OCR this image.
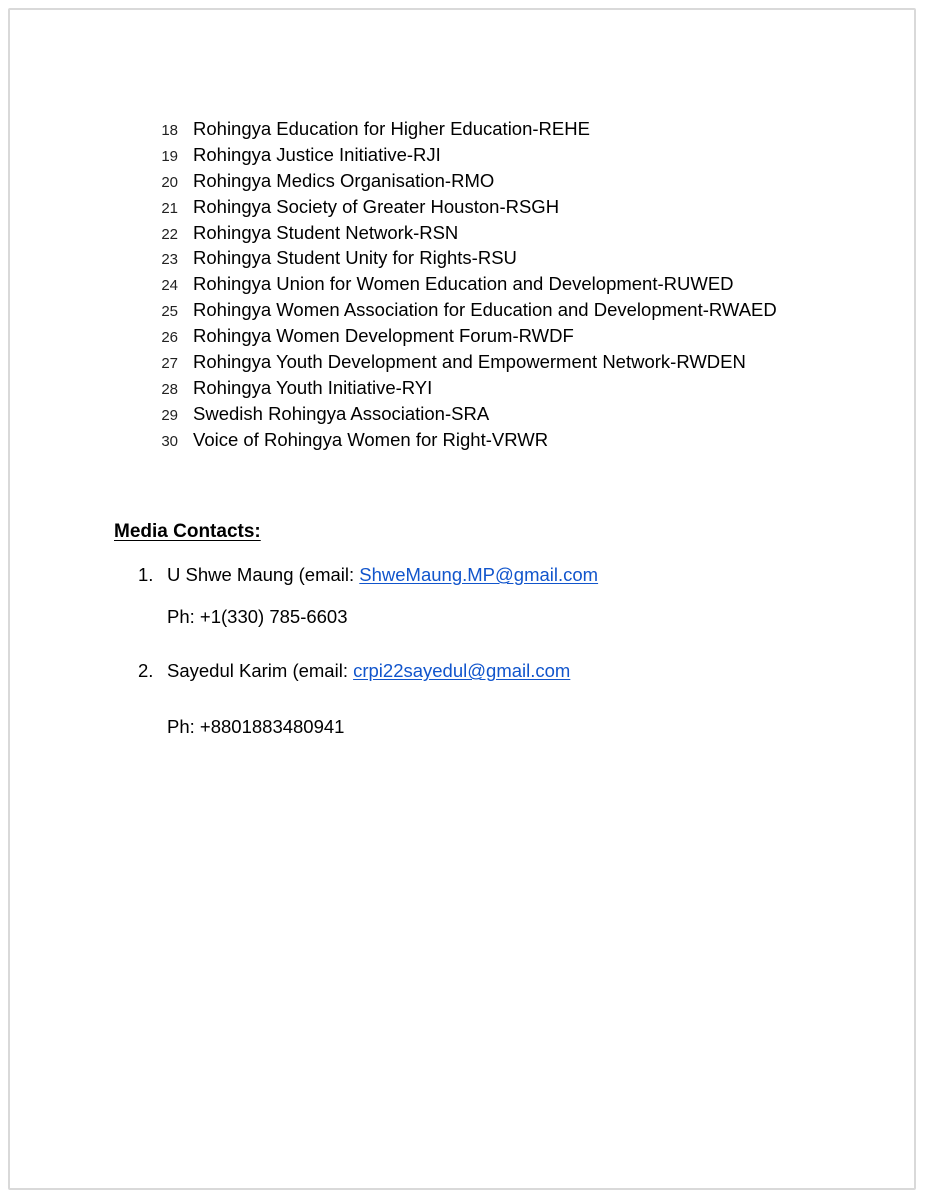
18 Rohingya Education for Higher Education-REHE
19 Rohingya Justice Initiative-RJI
20 Rohingya Medics Organisation-RMO
21 Rohingya Society of Greater Houston-RSGH
22 Rohingya Student Network-RSN
23 Rohingya Student Unity for Rights-RSU
24 Rohingya Union for Women Education and Development-RUWED
25 Rohingya Women Association for Education and Development-RWAED
26 Rohingya Women Development Forum-RWDF
27 Rohingya Youth Development and Empowerment Network-RWDEN
28 Rohingya Youth Initiative-RYI
29 Swedish Rohingya Association-SRA
30 Voice of Rohingya Women for Right-VRWR
Media Contacts:
1. U Shwe Maung (email: ShweMaung.MP@gmail.com
Ph: +1(330) 785-6603
2. Sayedul Karim (email: crpi22sayedul@gmail.com
Ph: +8801883480941
